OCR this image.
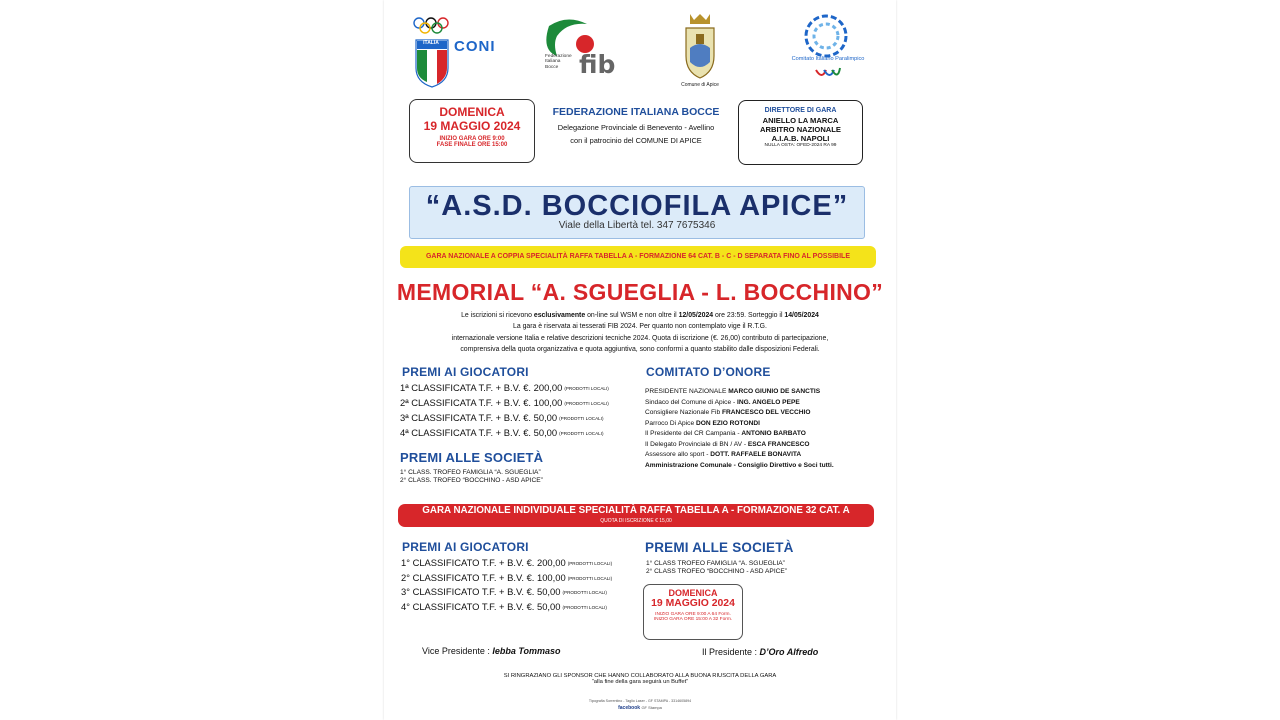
ITALIA	CONI
Federazione Italiana Bocce fib
Comune di Apice
Comitato Italiano Paralimpico
DOMENICA
19 MAGGIO 2024
INIZIO GARA ORE 9:00
FASE FINALE ORE 15:00
FEDERAZIONE ITALIANA BOCCE
Delegazione Provinciale di Benevento - Avellino
con il patrocinio del COMUNE DI APICE
DIRETTORE DI GARA
ANIELLO LA MARCA
ARBITRO NAZIONALE
A.I.A.B. NAPOLI
NULLA OSTA: OFED-2024 RA 99
“A.S.D. BOCCIOFILA APICE”
Viale della Libertà tel. 347 7675346
GARA NAZIONALE A COPPIA SPECIALITÀ RAFFA TABELLA A - FORMAZIONE 64 CAT. B - C - D SEPARATA FINO AL POSSIBILE
MEMORIAL “A. SGUEGLIA - L. BOCCHINO”
Le iscrizioni si ricevono esclusivamente on-line sul WSM e non oltre il 12/05/2024 ore 23:59. Sorteggio il 14/05/2024
La gara è riservata ai tesserati FIB 2024. Per quanto non contemplato vige il R.T.G.
internazionale versione Italia e relative descrizioni tecniche 2024. Quota di iscrizione (€. 26,00) contributo di partecipazione,
comprensiva della quota organizzativa e quota aggiuntiva, sono conformi a quanto stabilito dalle disposizioni Federali.
PREMI AI GIOCATORI
1ª CLASSIFICATA T.F. + B.V. €. 200,00 (PRODOTTI LOCALI)
2ª CLASSIFICATA T.F. + B.V. €. 100,00 (PRODOTTI LOCALI)
3ª CLASSIFICATA T.F. + B.V. €. 50,00 (PRODOTTI LOCALI)
4ª CLASSIFICATA T.F. + B.V. €. 50,00 (PRODOTTI LOCALI)
PREMI ALLE SOCIETÀ
1° CLASS. TROFEO FAMIGLIA “A. SGUEGLIA”
2° CLASS. TROFEO “BOCCHINO - ASD APICE”
COMITATO D’ONORE
PRESIDENTE NAZIONALE MARCO GIUNIO DE SANCTIS
Sindaco del Comune di Apice - ING. ANGELO PEPE
Consigliere Nazionale Fib FRANCESCO DEL VECCHIO
Parroco Di Apice DON EZIO ROTONDI
Il Presidente del CR Campania - ANTONIO BARBATO
Il Delegato Provinciale di BN / AV - ESCA FRANCESCO
Assessore allo sport - DOTT. RAFFAELE BONAVITA
Amministrazione Comunale - Consiglio Direttivo e Soci tutti.
GARA NAZIONALE INDIVIDUALE SPECIALITÀ RAFFA TABELLA A - FORMAZIONE 32 CAT. A
QUOTA DI ISCRIZIONE € 15,00
PREMI AI GIOCATORI
1° CLASSIFICATO T.F. + B.V. €. 200,00 (PRODOTTI LOCALI)
2° CLASSIFICATO T.F. + B.V. €. 100,00 (PRODOTTI LOCALI)
3° CLASSIFICATO T.F. + B.V. €. 50,00 (PRODOTTI LOCALI)
4° CLASSIFICATO T.F. + B.V. €. 50,00 (PRODOTTI LOCALI)
PREMI ALLE SOCIETÀ
1° CLASS TROFEO FAMIGLIA “A. SGUEGLIA”
2° CLASS TROFEO “BOCCHINO - ASD APICE”
DOMENICA
19 MAGGIO 2024
INIZIO GARA ORE 9:00 A 64 Form.
INIZIO GARA ORE 15:00 A 32 Form.
Vice Presidente : Iebba Tommaso	Il Presidente : D’Oro Alfredo
SI RINGRAZIANO GLI SPONSOR CHE HANNO COLLABORATO ALLA BUONA RIUSCITA DELLA GARA
“alla fine della gara seguirà un Buffet”
Tipografia Sorrentino - Taglio Laser - GF STAMPA - 3314605894
facebook GF Stampa
